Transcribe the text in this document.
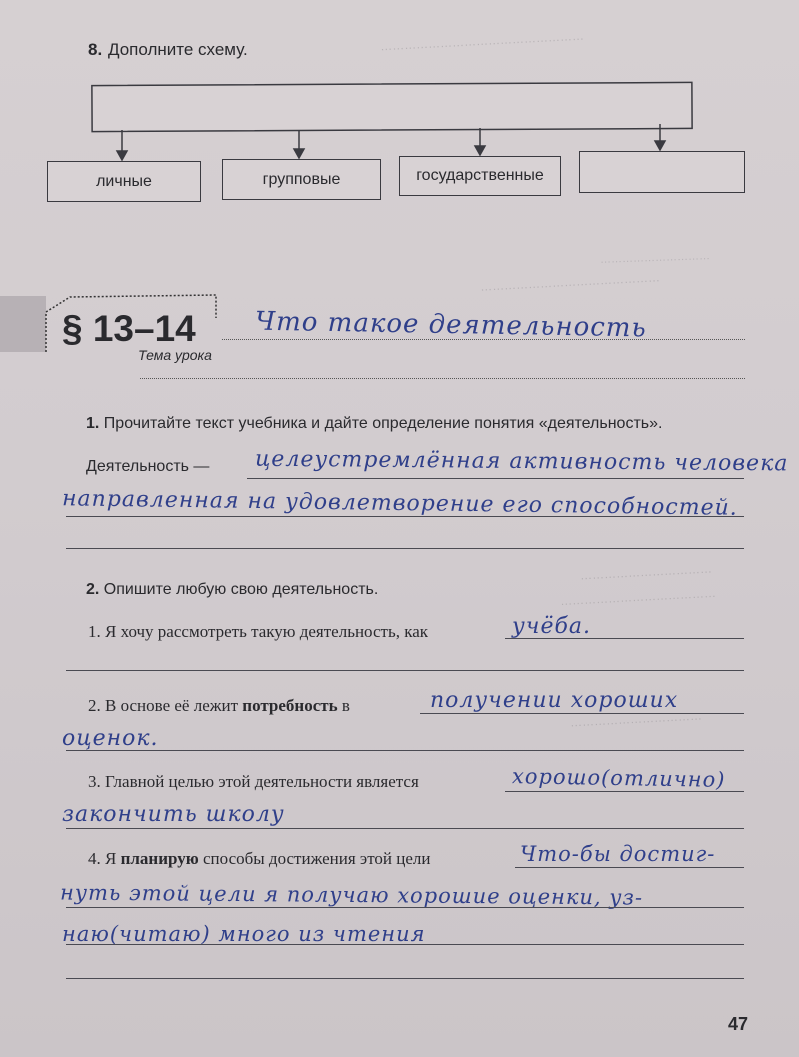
……………………………………………
…………………………
………………………………………
……………………………
…………………………………
……………………………
8. Дополните схему.
личные	групповые	государственные
§ 13–14
Тема урока
Что такое деятельность
1. Прочитайте текст учебника и дайте определение понятия «деятельность».
Деятельность — целеустремлённая активность человека
направленная на удовлетворение его способностей.
2. Опишите любую свою деятельность.
1. Я хочу рассмотреть такую деятельность, как	учёба.
2. В основе её лежит потребность в	получении хороших
оценок.
3. Главной целью этой деятельности является	хорошо(отлично)
закончить школу
4. Я планирую способы достижения этой цели	Что-бы достиг-
нуть этой цели я получаю хорошие оценки, уз-
наю(читаю) много из чтения
47
